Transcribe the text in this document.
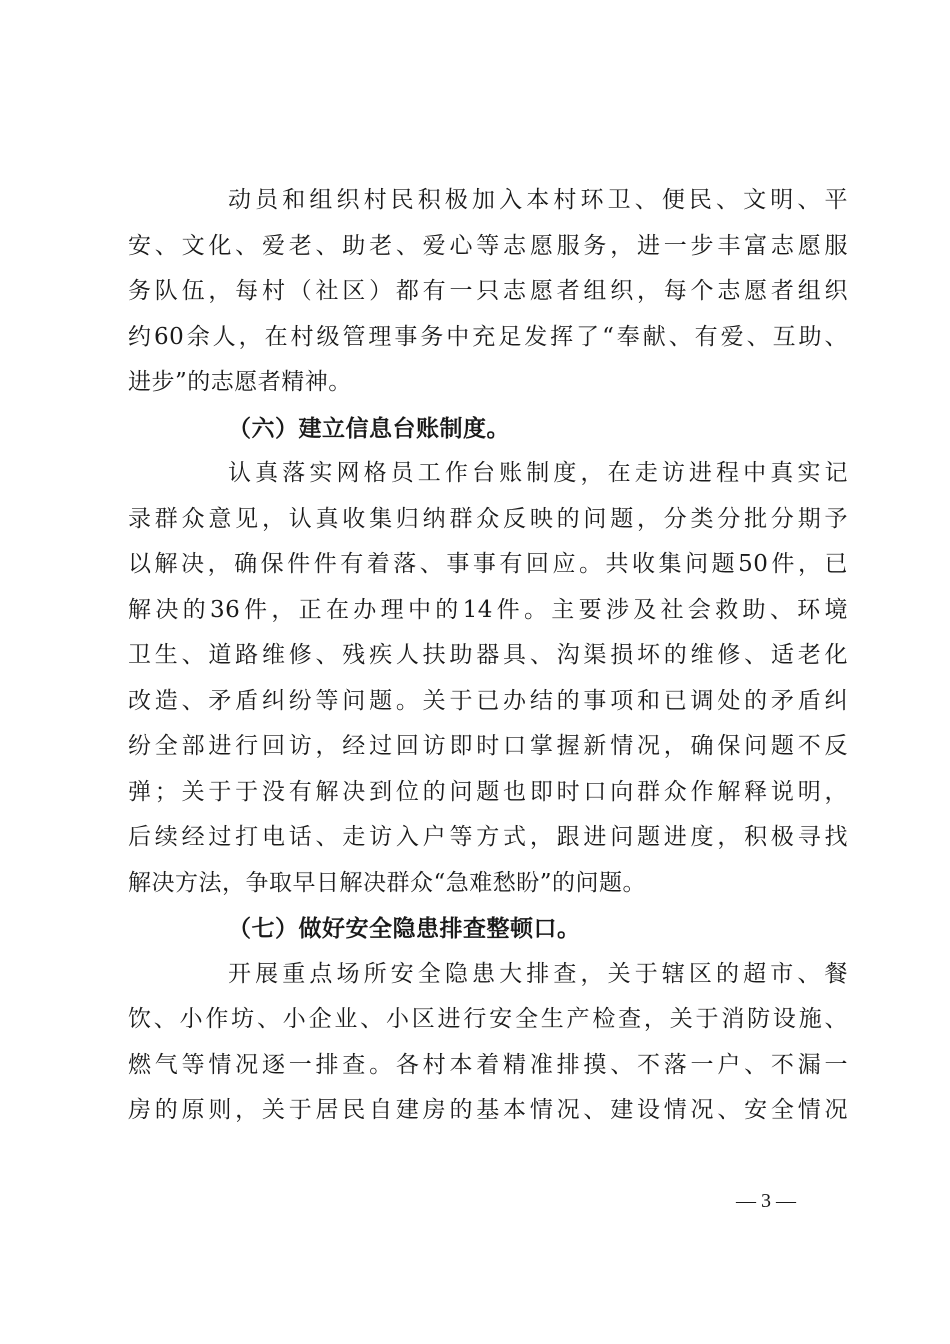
动员和组织村民积极加入本村环卫、便民、文明、平
安、文化、爱老、助老、爱心等志愿服务，进一步丰富志愿服
务队伍，每村（社区）都有一只志愿者组织，每个志愿者组织
约60余人，在村级管理事务中充足发挥了“奉献、有爱、互助、
进步”的志愿者精神。
（六）建立信息台账制度。
认真落实网格员工作台账制度，在走访进程中真实记
录群众意见，认真收集归纳群众反映的问题，分类分批分期予
以解决，确保件件有着落、事事有回应。共收集问题50件，已
解决的36件，正在办理中的14件。主要涉及社会救助、环境
卫生、道路维修、残疾人扶助器具、沟渠损坏的维修、适老化
改造、矛盾纠纷等问题。关于已办结的事项和已调处的矛盾纠
纷全部进行回访，经过回访即时口掌握新情况，确保问题不反
弹；关于于没有解决到位的问题也即时口向群众作解释说明，
后续经过打电话、走访入户等方式，跟进问题进度，积极寻找
解决方法，争取早日解决群众“急难愁盼”的问题。
（七）做好安全隐患排查整顿口。
开展重点场所安全隐患大排查，关于辖区的超市、餐
饮、小作坊、小企业、小区进行安全生产检查，关于消防设施、
燃气等情况逐一排查。各村本着精准排摸、不落一户、不漏一
房的原则，关于居民自建房的基本情况、建设情况、安全情况
— 3 —
